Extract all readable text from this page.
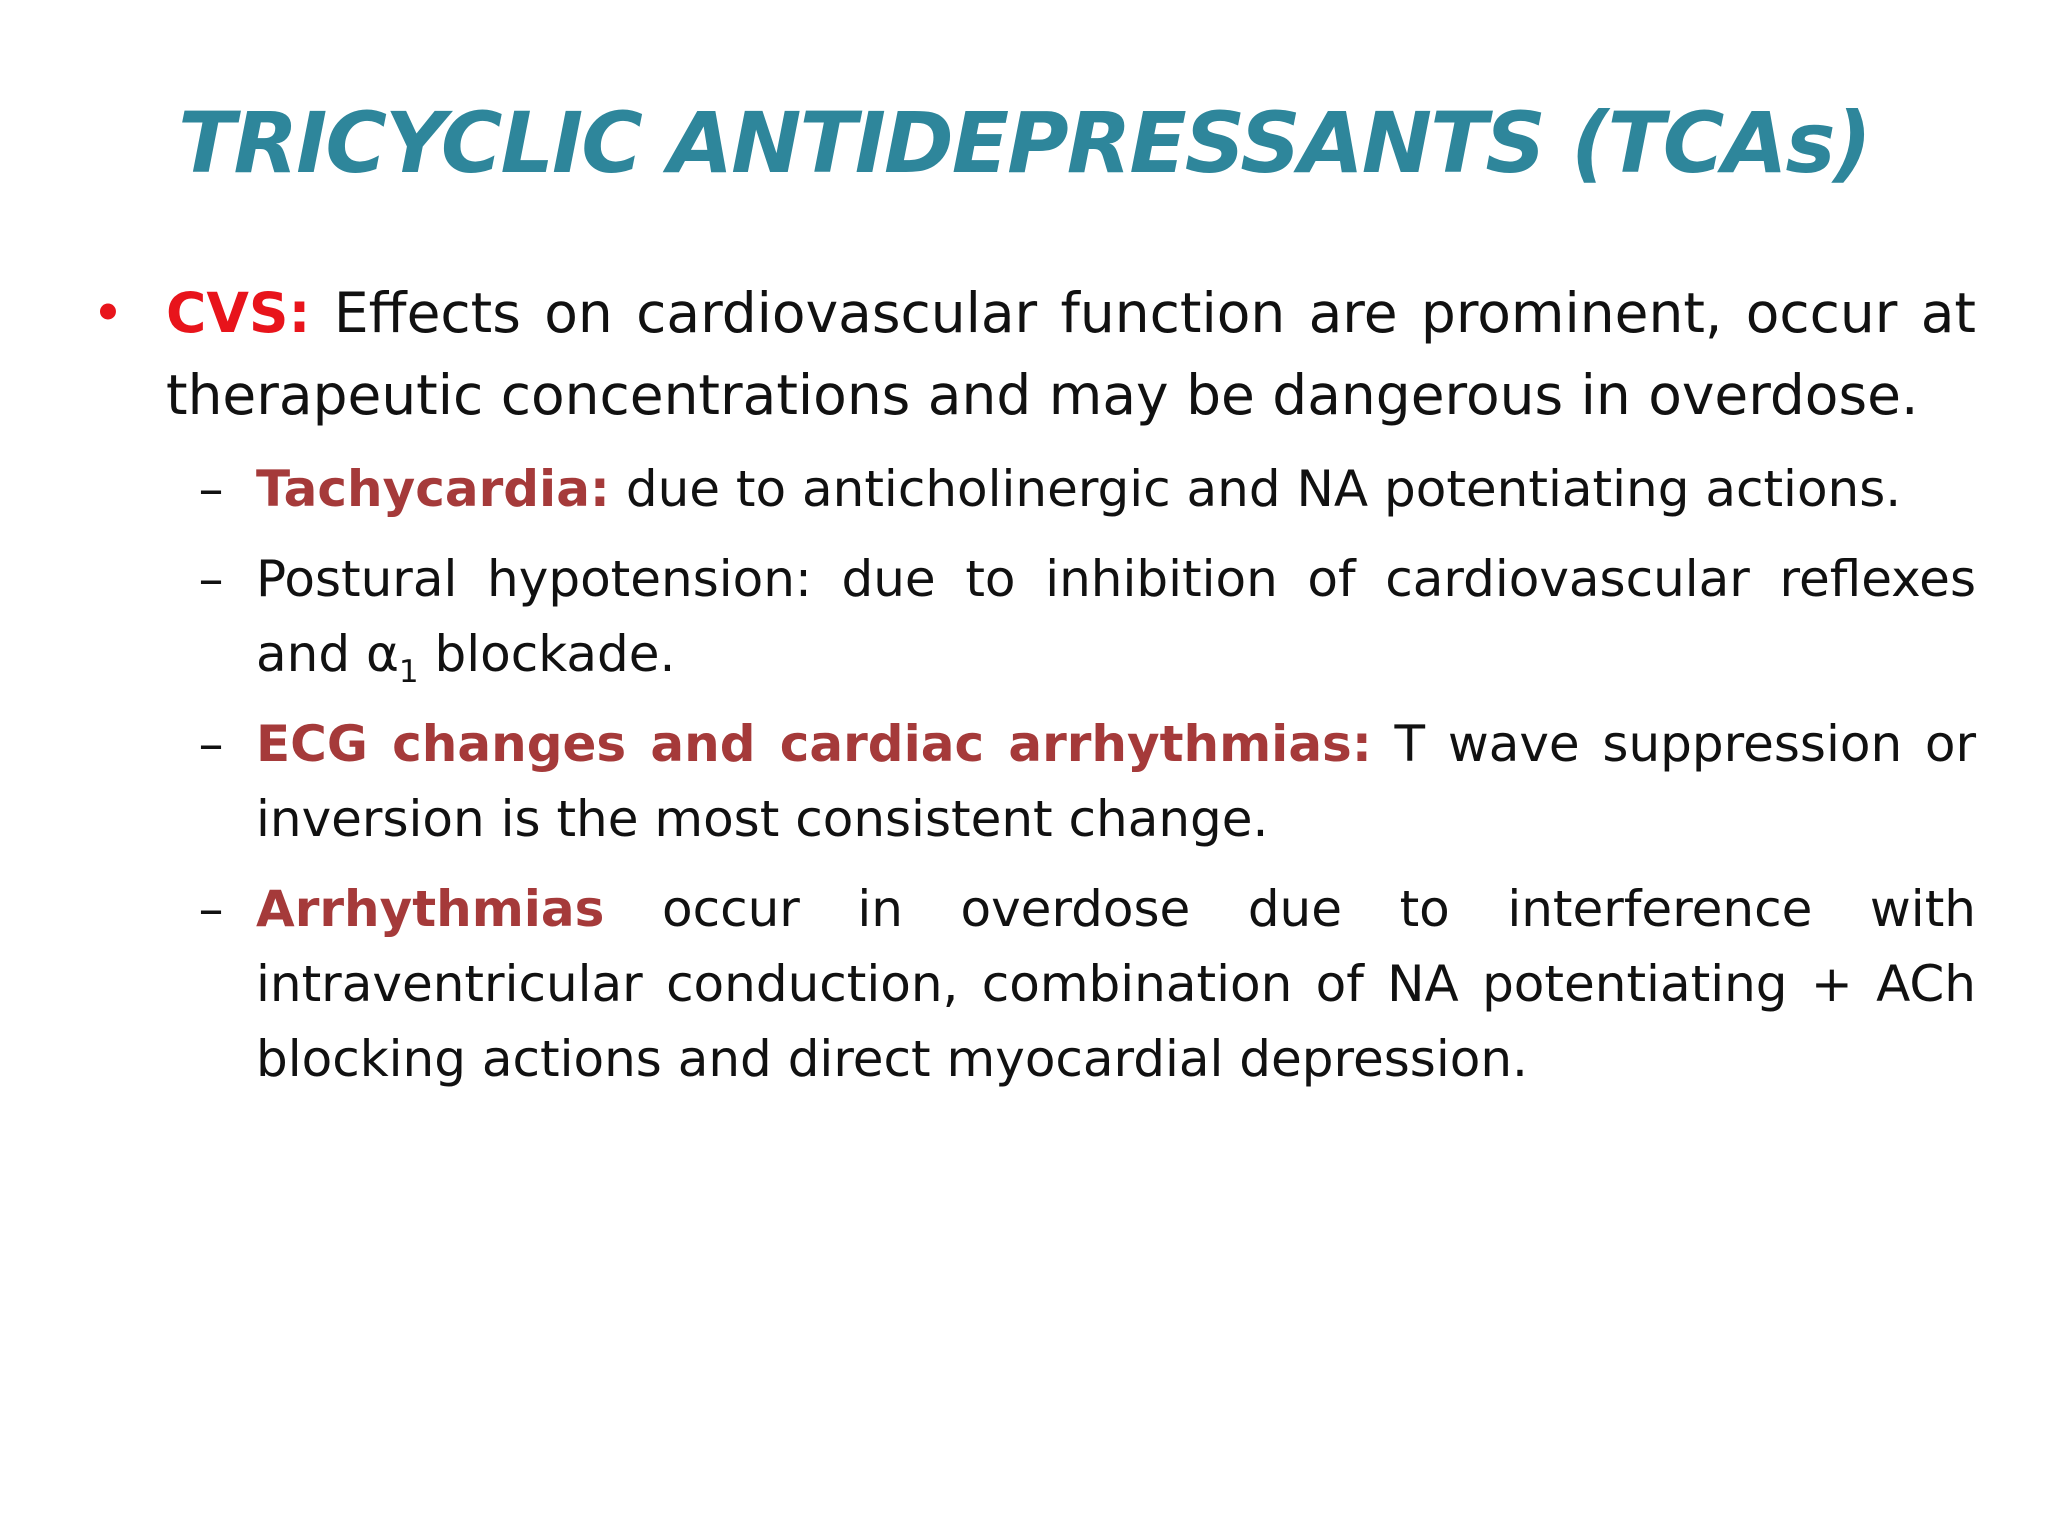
TRICYCLIC ANTIDEPRESSANTS (TCAs)
• CVS: Effects on cardiovascular function are prominent, occur at therapeutic concentrations and may be dangerous in overdose.
– Tachycardia: due to anticholinergic and NA potentiating actions.
– Postural hypotension: due to inhibition of cardiovascular reflexes and $\alpha_1$ blockade.
– ECG changes and cardiac arrhythmias: T wave suppression or inversion is the most consistent change.
– Arrhythmias occur in overdose due to interference with intraventricular conduction, combination of NA potentiating + ACh blocking actions and direct myocardial depression.
